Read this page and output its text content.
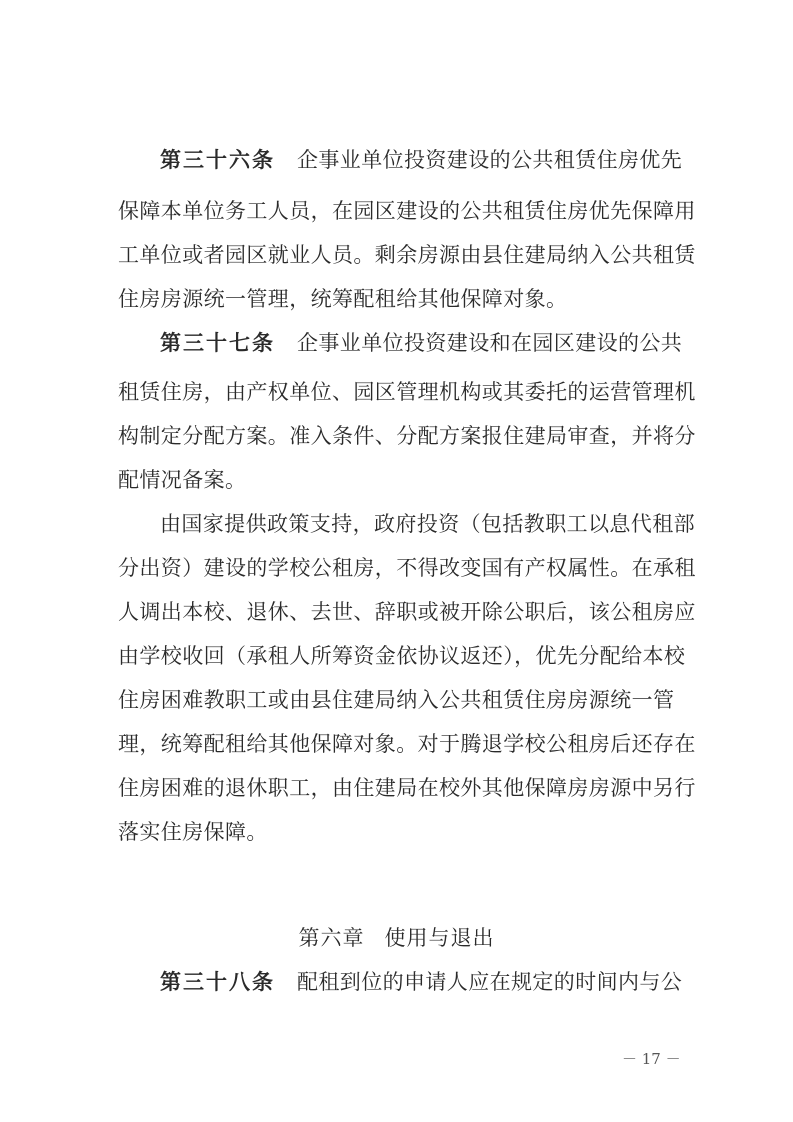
第三十六条 企事业单位投资建设的公共租赁住房优先
保障本单位务工人员，在园区建设的公共租赁住房优先保障用
工单位或者园区就业人员。剩余房源由县住建局纳入公共租赁
住房房源统一管理，统筹配租给其他保障对象。
第三十七条 企事业单位投资建设和在园区建设的公共
租赁住房，由产权单位、园区管理机构或其委托的运营管理机
构制定分配方案。准入条件、分配方案报住建局审查，并将分
配情况备案。
由国家提供政策支持，政府投资（包括教职工以息代租部
分出资）建设的学校公租房，不得改变国有产权属性。在承租
人调出本校、退休、去世、辞职或被开除公职后，该公租房应
由学校收回（承租人所筹资金依协议返还），优先分配给本校
住房困难教职工或由县住建局纳入公共租赁住房房源统一管
理，统筹配租给其他保障对象。对于腾退学校公租房后还存在
住房困难的退休职工，由住建局在校外其他保障房房源中另行
落实住房保障。
第六章 使用与退出
第三十八条 配租到位的申请人应在规定的时间内与公
－ 17 －
